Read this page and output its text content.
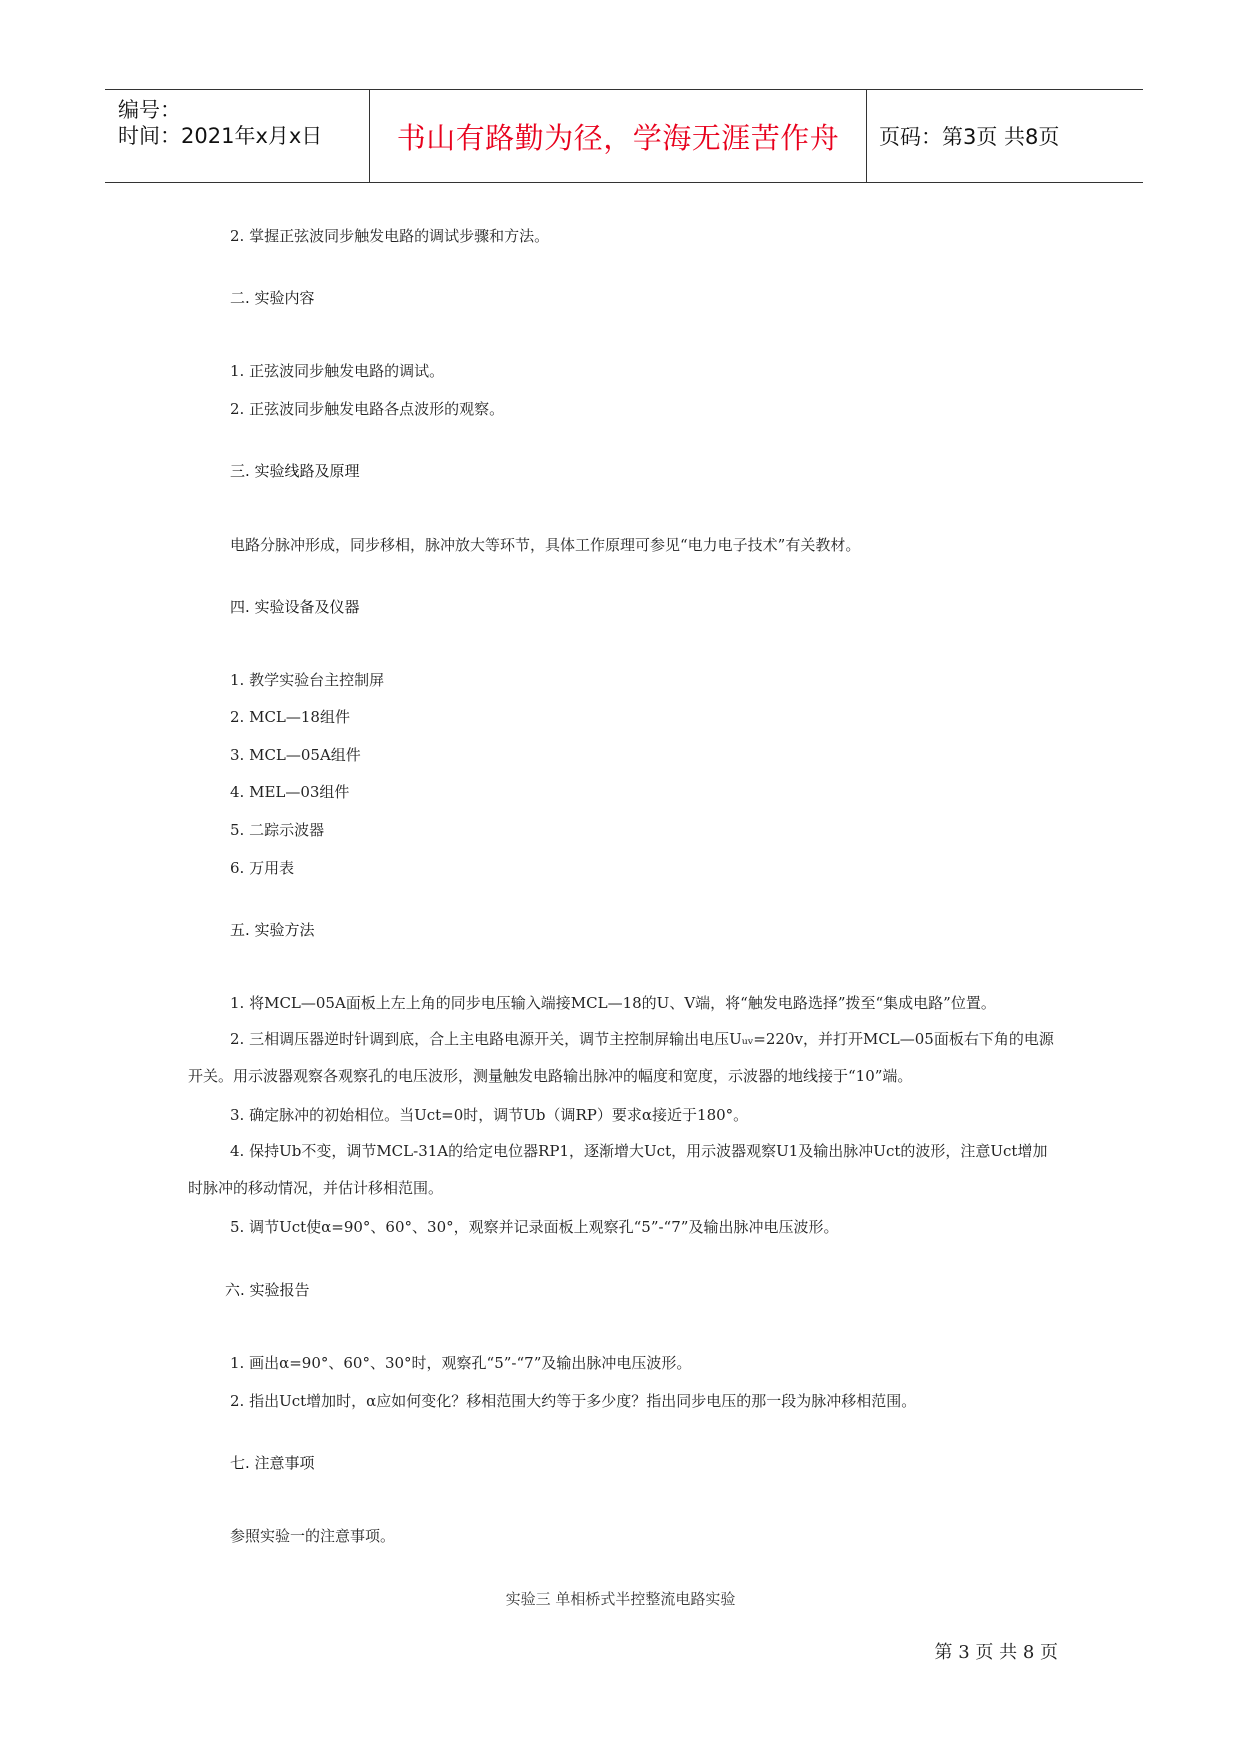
编号：
时间：2021年x月x日	书山有路勤为径，学海无涯苦作舟	页码：第3页 共8页
2. 掌握正弦波同步触发电路的调试步骤和方法。
二. 实验内容
1. 正弦波同步触发电路的调试。
2. 正弦波同步触发电路各点波形的观察。
三. 实验线路及原理
电路分脉冲形成，同步移相，脉冲放大等环节，具体工作原理可参见“电力电子技术”有关教材。
四. 实验设备及仪器
1. 教学实验台主控制屏
2. MCL—18组件
3. MCL—05A组件
4. MEL—03组件
5. 二踪示波器
6. 万用表
五. 实验方法
1. 将MCL—05A面板上左上角的同步电压输入端接MCL—18的U、V端，将“触发电路选择”拨至“集成电路”位置。
2. 三相调压器逆时针调到底，合上主电路电源开关，调节主控制屏输出电压Uᵤᵥ=220v，并打开MCL—05面板右下角的电源开关。用示波器观察各观察孔的电压波形，测量触发电路输出脉冲的幅度和宽度，示波器的地线接于“10”端。
3. 确定脉冲的初始相位。当Uct=0时，调节Ub（调RP）要求α接近于180°。
4. 保持Ub不变，调节MCL-31A的给定电位器RP1，逐渐增大Uct，用示波器观察U1及输出脉冲Uct的波形，注意Uct增加时脉冲的移动情况，并估计移相范围。
5. 调节Uct使α=90°、60°、30°，观察并记录面板上观察孔“5”-“7”及输出脉冲电压波形。
六. 实验报告
1. 画出α=90°、60°、30°时，观察孔“5”-“7”及输出脉冲电压波形。
2. 指出Uct增加时，α应如何变化？移相范围大约等于多少度？指出同步电压的那一段为脉冲移相范围。
七. 注意事项
参照实验一的注意事项。
实验三 单相桥式半控整流电路实验
第 3 页 共 8 页
